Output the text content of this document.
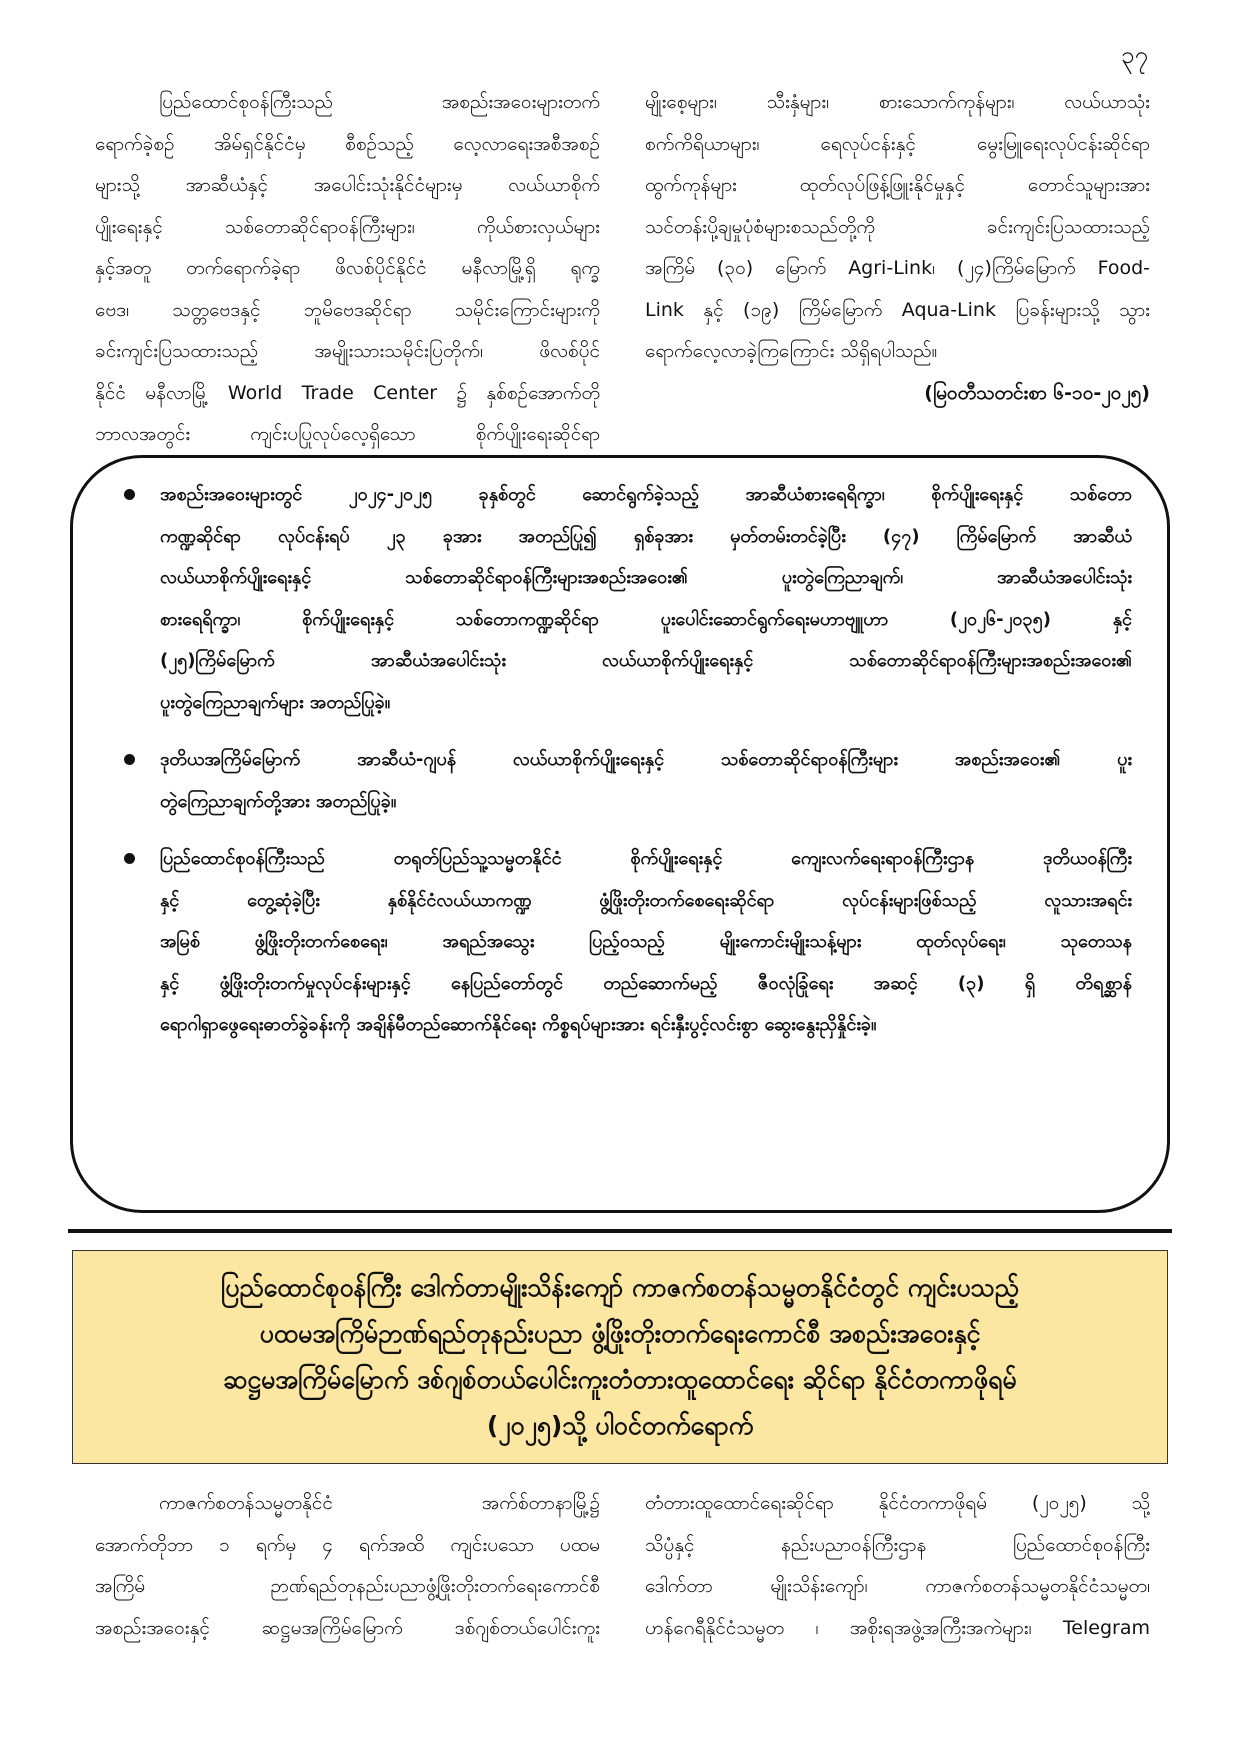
၃၇
ပြည်ထောင်စုဝန်ကြီးသည် အစည်းအဝေးများတက်
ရောက်ခဲ့စဉ် အိမ်ရှင်နိုင်ငံမှ စီစဉ်သည့် လေ့လာရေးအစီအစဉ်
များသို့ အာဆီယံနှင့် အပေါင်းသုံးနိုင်ငံများမှ လယ်ယာစိုက်
ပျိုးရေးနှင့် သစ်တောဆိုင်ရာဝန်ကြီးများ၊ ကိုယ်စားလှယ်များ
နှင့်အတူ တက်ရောက်ခဲ့ရာ ဖိလစ်ပိုင်နိုင်ငံ မနီလာမြို့ရှိ ရုက္ခ
ဗေဒ၊ သတ္တဗေဒနှင့် ဘူမိဗေဒဆိုင်ရာ သမိုင်းကြောင်းများကို
ခင်းကျင်းပြသထားသည့် အမျိုးသားသမိုင်းပြတိုက်၊ ဖိလစ်ပိုင်
နိုင်ငံ မနီလာမြို့ World Trade Center ၌ နှစ်စဉ်အောက်တို
ဘာလအတွင်း ကျင်းပပြုလုပ်လေ့ရှိသော စိုက်ပျိုးရေးဆိုင်ရာ
မျိုးစေ့များ၊ သီးနှံများ၊ စားသောက်ကုန်များ၊ လယ်ယာသုံး
စက်ကိရိယာများ၊ ရေလုပ်ငန်းနှင့် မွေးမြူရေးလုပ်ငန်းဆိုင်ရာ
ထွက်ကုန်များ ထုတ်လုပ်ဖြန့်ဖြူးနိုင်မှုနှင့် တောင်သူများအား
သင်တန်းပို့ချမှုပုံစံများစသည်တို့ကို ခင်းကျင်းပြသထားသည့်
အကြိမ် (၃၀) မြောက် Agri-Link၊ (၂၄)ကြိမ်မြောက် Food-
Link နှင့် (၁၉) ကြိမ်မြောက် Aqua-Link ပြခန်းများသို့ သွား
ရောက်လေ့လာခဲ့ကြကြောင်း သိရှိရပါသည်။
(မြဝတီသတင်းစာ ၆-၁၀-၂၀၂၅)
အစည်းအဝေးများတွင် ၂၀၂၄-၂၀၂၅ ခုနှစ်တွင် ဆောင်ရွက်ခဲ့သည့် အာဆီယံစားရေရိက္ခာ၊ စိုက်ပျိုးရေးနှင့် သစ်တော
ကဏ္ဍဆိုင်ရာ လုပ်ငန်းရပ် ၂၃ ခုအား အတည်ပြု၍ ရှစ်ခုအား မှတ်တမ်းတင်ခဲ့ပြီး (၄၇) ကြိမ်မြောက် အာဆီယံ
လယ်ယာစိုက်ပျိုးရေးနှင့် သစ်တောဆိုင်ရာဝန်ကြီးများအစည်းအဝေး၏ ပူးတွဲကြေညာချက်၊ အာဆီယံအပေါင်းသုံး
စားရေရိက္ခာ၊ စိုက်ပျိုးရေးနှင့် သစ်တောကဏ္ဍဆိုင်ရာ ပူးပေါင်းဆောင်ရွက်ရေးမဟာဗျူဟာ (၂၀၂၆-၂၀၃၅) နှင့်
(၂၅)ကြိမ်မြောက် အာဆီယံအပေါင်းသုံး လယ်ယာစိုက်ပျိုးရေးနှင့် သစ်တောဆိုင်ရာဝန်ကြီးများအစည်းအဝေး၏
ပူးတွဲကြေညာချက်များ အတည်ပြုခဲ့။
ဒုတိယအကြိမ်မြောက် အာဆီယံ-ဂျပန် လယ်ယာစိုက်ပျိုးရေးနှင့် သစ်တောဆိုင်ရာဝန်ကြီးများ အစည်းအဝေး၏ ပူး
တွဲကြေညာချက်တို့အား အတည်ပြုခဲ့။
ပြည်ထောင်စုဝန်ကြီးသည် တရုတ်ပြည်သူ့သမ္မတနိုင်ငံ စိုက်ပျိုးရေးနှင့် ကျေးလက်ရေးရာဝန်ကြီးဌာန ဒုတိယဝန်ကြီး
နှင့် တွေ့ဆုံခဲ့ပြီး နှစ်နိုင်ငံလယ်ယာကဏ္ဍ ဖွံ့ဖြိုးတိုးတက်စေရေးဆိုင်ရာ လုပ်ငန်းများဖြစ်သည့် လူသားအရင်း
အမြစ် ဖွံ့ဖြိုးတိုးတက်စေရေး၊ အရည်အသွေး ပြည့်ဝသည့် မျိုးကောင်းမျိုးသန့်များ ထုတ်လုပ်ရေး၊ သုတေသန
နှင့် ဖွံ့ဖြိုးတိုးတက်မှုလုပ်ငန်းများနှင့် နေပြည်တော်တွင် တည်ဆောက်မည့် ဇီဝလုံခြုံရေး အဆင့် (၃) ရှိ တိရစ္ဆာန်
ရောဂါရှာဖွေရေးဓာတ်ခွဲခန်းကို အချိန်မီတည်ဆောက်နိုင်ရေး ကိစ္စရပ်များအား ရင်းနှီးပွင့်လင်းစွာ ဆွေးနွေးညှိနှိုင်းခဲ့။
ပြည်ထောင်စုဝန်ကြီး ဒေါက်တာမျိုးသိန်းကျော် ကာဇက်စတန်သမ္မတနိုင်ငံတွင် ကျင်းပသည့်
ပထမအကြိမ်ဉာဏ်ရည်တုနည်းပညာ ဖွံ့ဖြိုးတိုးတက်ရေးကောင်စီ အစည်းအဝေးနှင့်
ဆဋ္ဌမအကြိမ်မြောက် ဒစ်ဂျစ်တယ်ပေါင်းကူးတံတားထူထောင်ရေး ဆိုင်ရာ နိုင်ငံတကာဖိုရမ်
(၂၀၂၅)သို့ ပါဝင်တက်ရောက်
ကာဇက်စတန်သမ္မတနိုင်ငံ အက်စ်တာနာမြို့၌
အောက်တိုဘာ ၁ ရက်မှ ၄ ရက်အထိ ကျင်းပသော ပထမ
အကြိမ် ဉာဏ်ရည်တုနည်းပညာဖွံ့ဖြိုးတိုးတက်ရေးကောင်စီ
အစည်းအဝေးနှင့် ဆဋ္ဌမအကြိမ်မြောက် ဒစ်ဂျစ်တယ်ပေါင်းကူး
တံတားထူထောင်ရေးဆိုင်ရာ နိုင်ငံတကာဖိုရမ် (၂၀၂၅) သို့
သိပ္ပံနှင့် နည်းပညာဝန်ကြီးဌာန ပြည်ထောင်စုဝန်ကြီး
ဒေါက်တာ မျိုးသိန်းကျော်၊ ကာဇက်စတန်သမ္မတနိုင်ငံသမ္မတ၊
ဟန်ဂေရီနိုင်ငံသမ္မတ ၊ အစိုးရအဖွဲ့အကြီးအကဲများ၊ Telegram
